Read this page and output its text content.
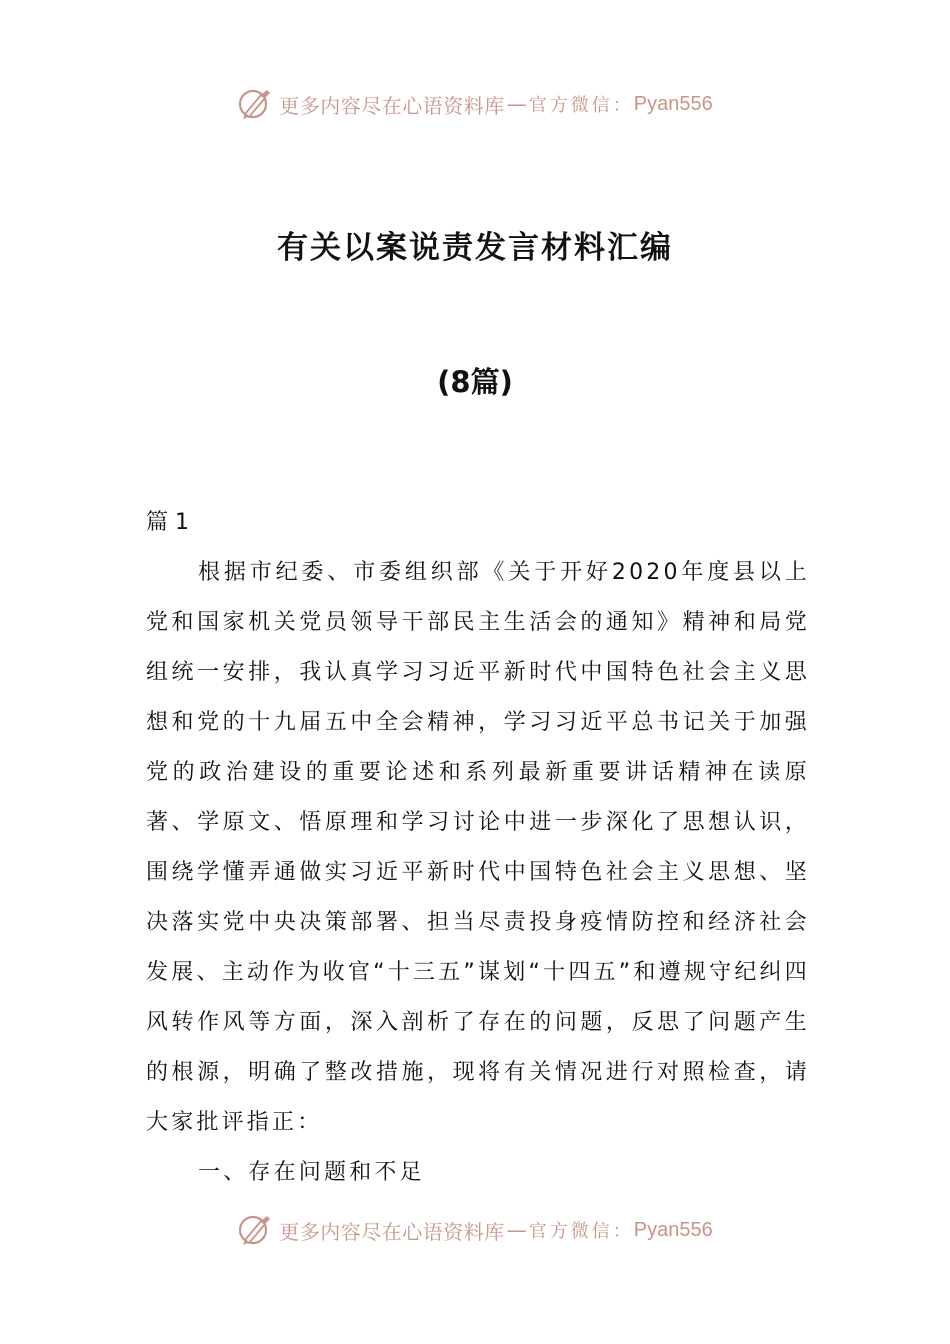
更多内容尽在心语资料库 — 官方微信： Pyan556
有关以案说责发言材料汇编
(8篇)
篇 1

根据市纪委、市委组织部《关于开好2020年度县以上党和国家机关党员领导干部民主生活会的通知》精神和局党组统一安排，我认真学习习近平新时代中国特色社会主义思想和党的十九届五中全会精神，学习习近平总书记关于加强党的政治建设的重要论述和系列最新重要讲话精神在读原著、学原文、悟原理和学习讨论中进一步深化了思想认识，围绕学懂弄通做实习近平新时代中国特色社会主义思想、坚决落实党中央决策部署、担当尽责投身疫情防控和经济社会发展、主动作为收官“十三五”谋划“十四五”和遵规守纪纠四风转作风等方面，深入剖析了存在的问题，反思了问题产生的根源，明确了整改措施，现将有关情况进行对照检查，请大家批评指正：

一、存在问题和不足
更多内容尽在心语资料库 — 官方微信： Pyan556
